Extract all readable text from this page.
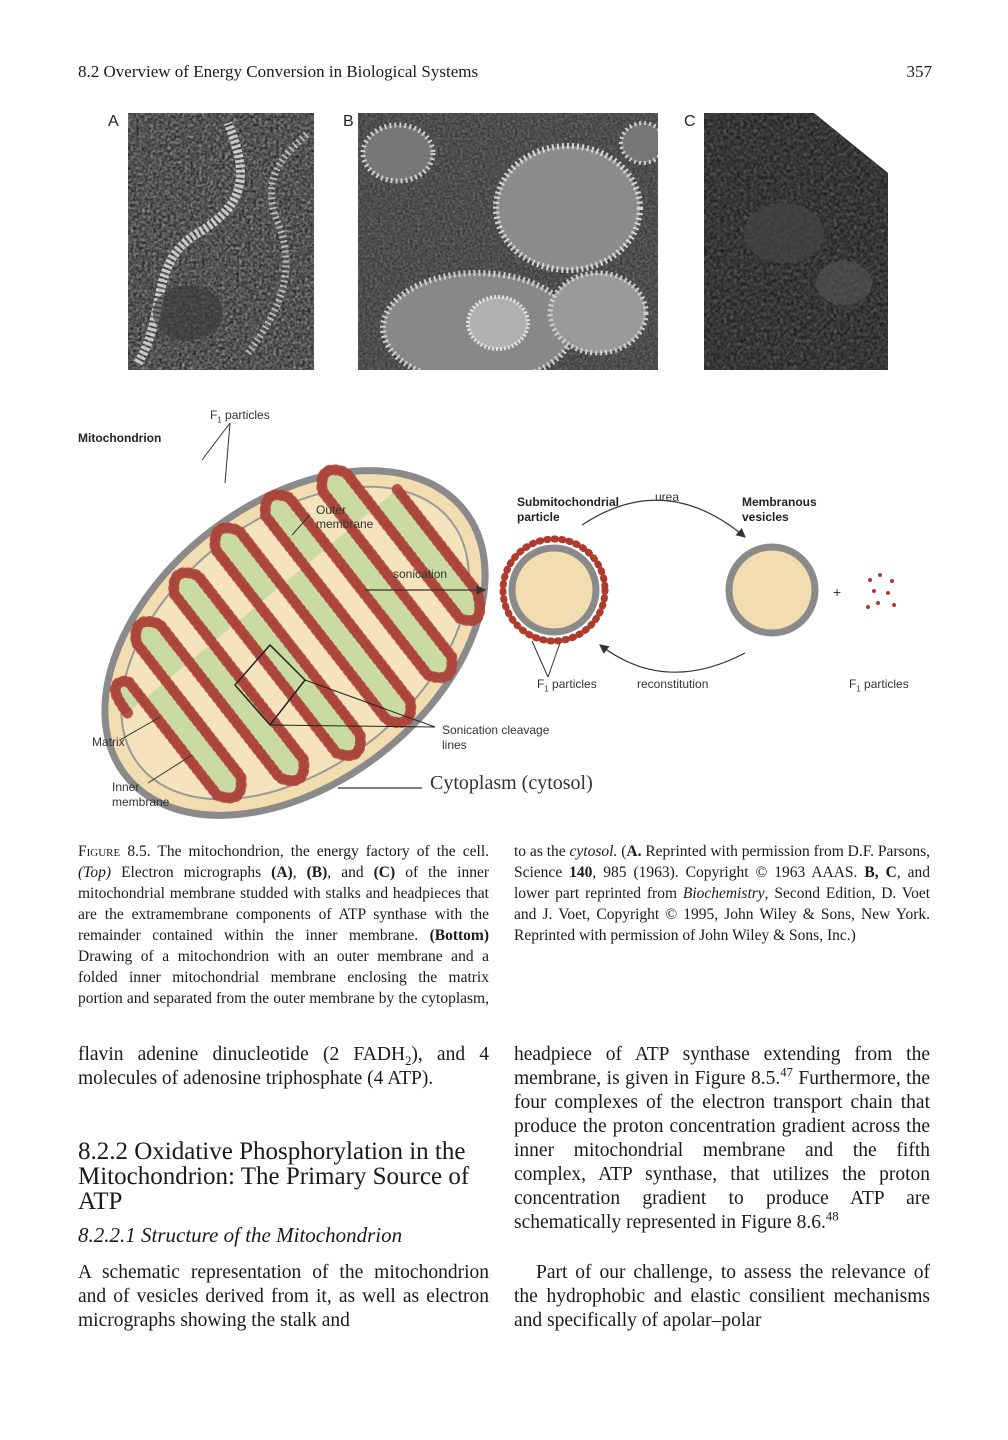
8.2 Overview of Energy Conversion in Biological Systems	357
A	B	C
Mitochondrion
$F_1$ particles
Outer membrane
sonication
Submitochondrial particle
urea	Membranous vesicles
+
$F_1$ particles	reconstitution	$F_1$ particles
Sonication cleavage lines
Matrix
Inner membrane
Cytoplasm (cytosol)

Figure 8.5. The mitochondrion, the energy factory of the cell. (Top) Electron micrographs (A), (B), and (C) of the inner mitochondrial membrane studded with stalks and headpieces that are the extramembrane components of ATP synthase with the remainder contained within the inner membrane. (Bottom) Drawing of a mitochondrion with an outer membrane and a folded inner mitochondrial membrane enclosing the matrix portion and separated from the outer membrane by the cytoplasm,

to as the cytosol. (A. Reprinted with permission from D.F. Parsons, Science 140, 985 (1963). Copyright © 1963 AAAS. B, C, and lower part reprinted from Biochemistry, Second Edition, D. Voet and J. Voet, Copyright © 1995, John Wiley & Sons, New York. Reprinted with permission of John Wiley & Sons, Inc.)

flavin adenine dinucleotide (2 $FADH_2$), and 4 molecules of adenosine triphosphate (4 ATP).

8.2.2 Oxidative Phosphorylation in the Mitochondrion: The Primary Source of ATP
8.2.2.1 Structure of the Mitochondrion

A schematic representation of the mitochondrion and of vesicles derived from it, as well as electron micrographs showing the stalk and

headpiece of ATP synthase extending from the membrane, is given in Figure 8.5.47 Furthermore, the four complexes of the electron transport chain that produce the proton concentration gradient across the inner mitochondrial membrane and the fifth complex, ATP synthase, that utilizes the proton concentration gradient to produce ATP are schematically represented in Figure 8.6.48

Part of our challenge, to assess the relevance of the hydrophobic and elastic consilient mechanisms and specifically of apolar–polar
